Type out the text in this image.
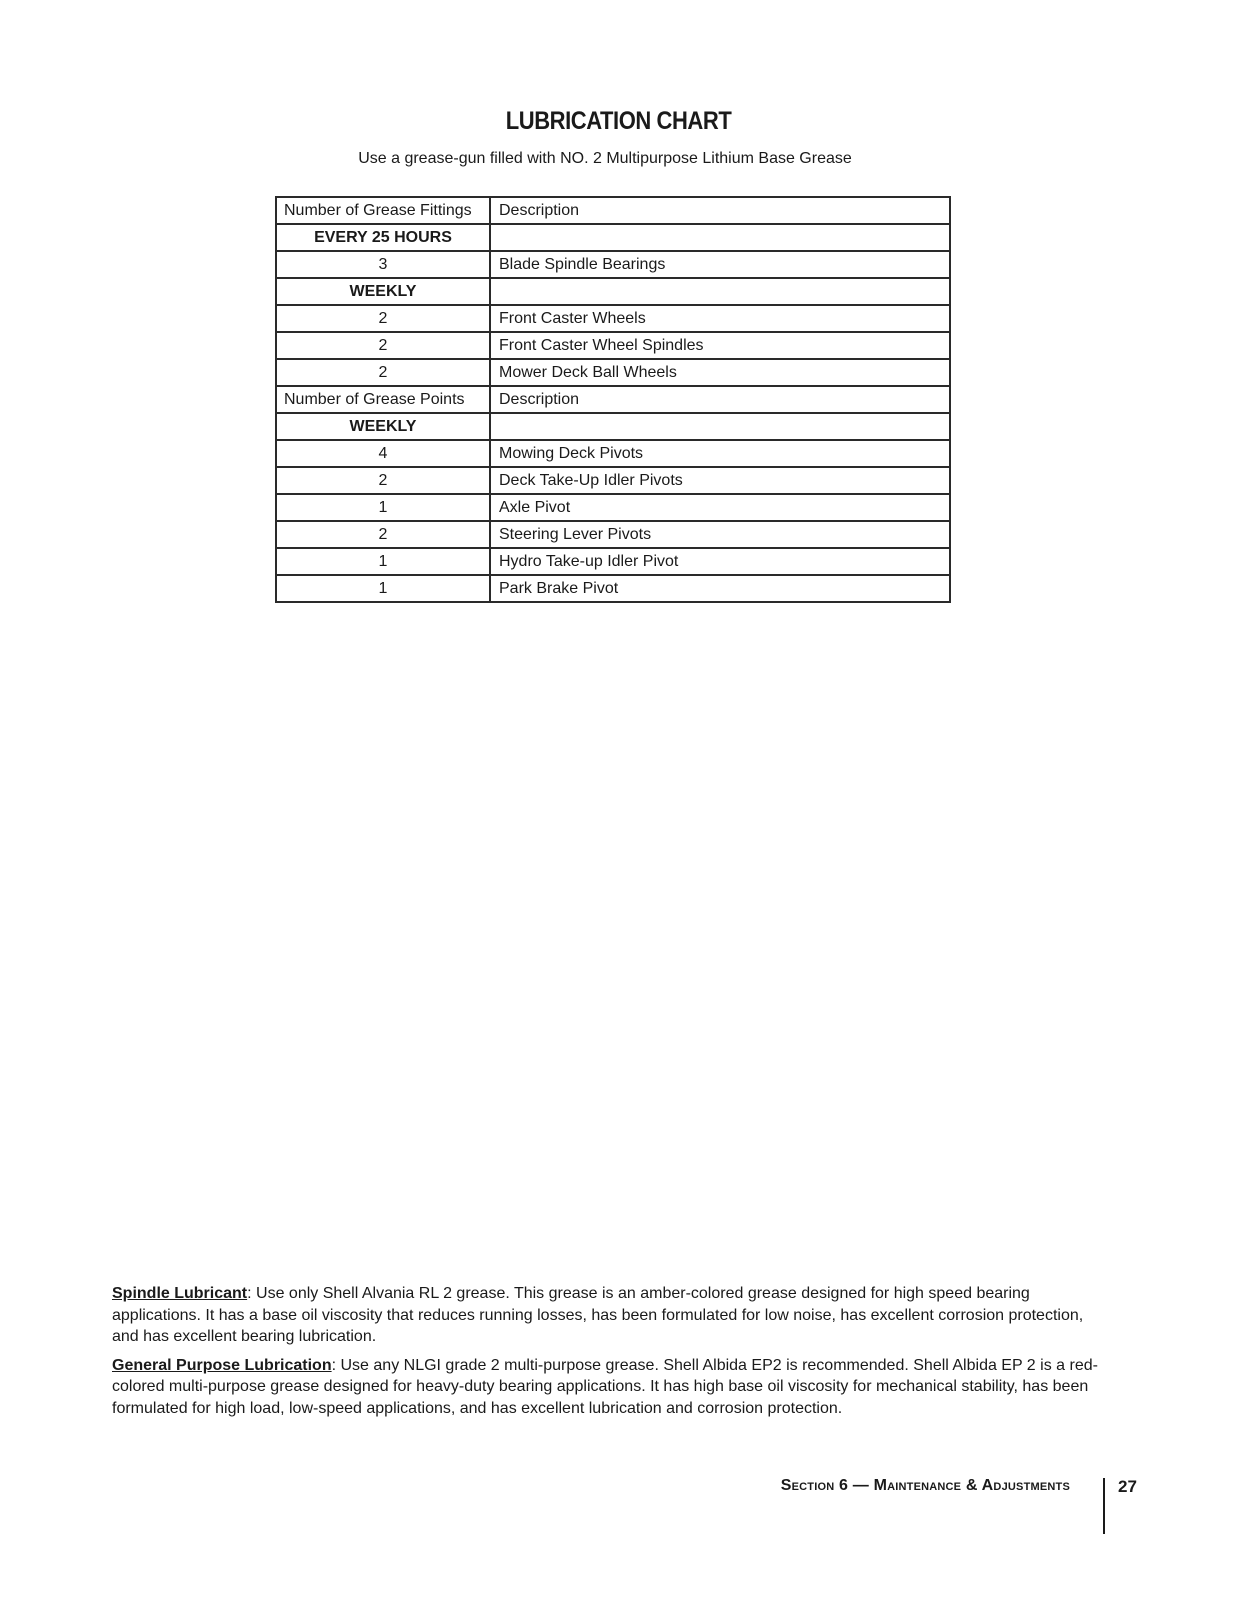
LUBRICATION CHART
Use a grease-gun filled with NO. 2 Multipurpose Lithium Base Grease
Number of Grease Fittings	Description
EVERY 25 HOURS	
3	Blade Spindle Bearings
WEEKLY	
2	Front Caster Wheels
2	Front Caster Wheel Spindles
2	Mower Deck Ball Wheels
Number of Grease Points	Description
WEEKLY	
4	Mowing Deck Pivots
2	Deck Take-Up Idler Pivots
1	Axle Pivot
2	Steering Lever Pivots
1	Hydro Take-up Idler Pivot
1	Park Brake Pivot

Spindle Lubricant: Use only Shell Alvania RL 2 grease. This grease is an amber-colored grease designed for high speed bearing applications. It has a base oil viscosity that reduces running losses, has been formulated for low noise, has excellent corrosion protection, and has excellent bearing lubrication.

General Purpose Lubrication: Use any NLGI grade 2 multi-purpose grease. Shell Albida EP2 is recommended. Shell Albida EP 2 is a red-colored multi-purpose grease designed for heavy-duty bearing applications. It has high base oil viscosity for mechanical stability, has been formulated for high load, low-speed applications, and has excellent lubrication and corrosion protection.

Section 6 — Maintenance & Adjustments	27
